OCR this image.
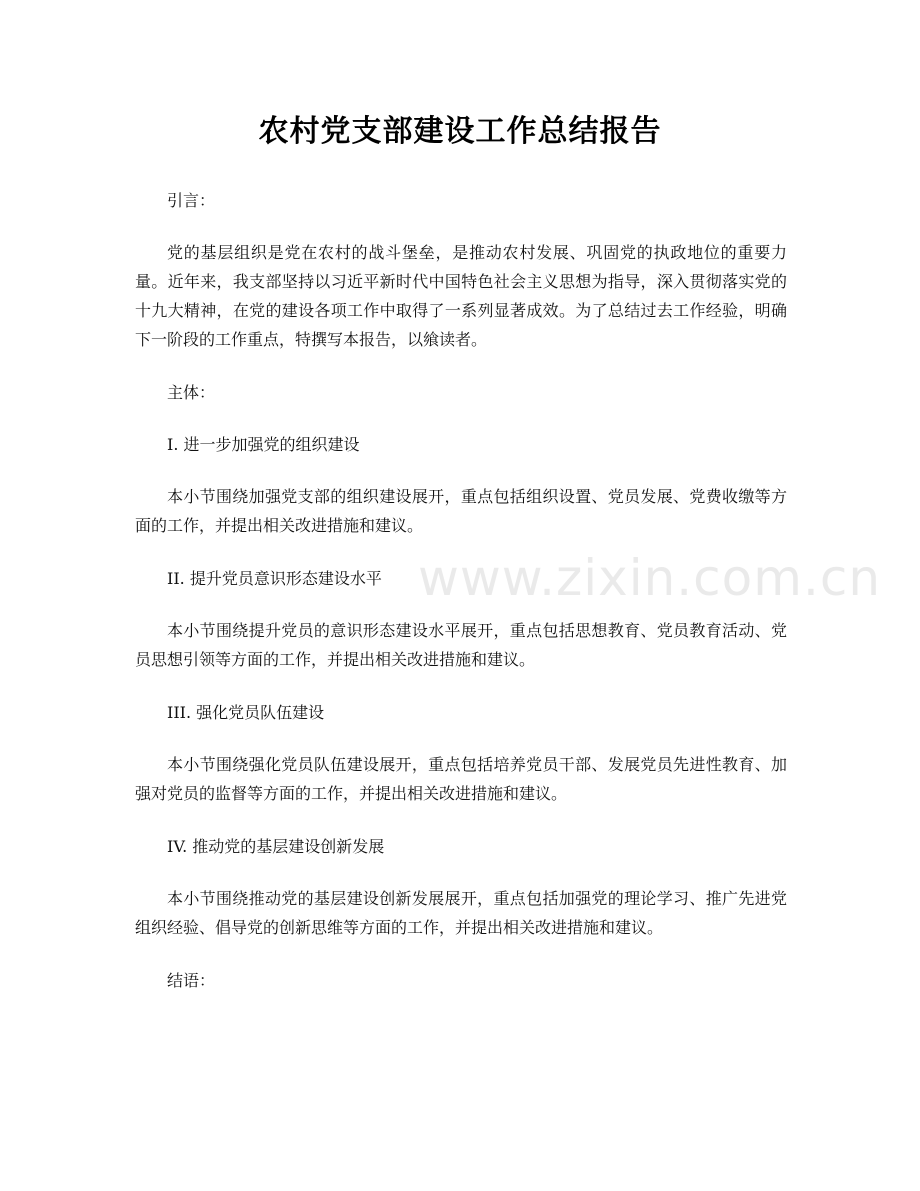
农村党支部建设工作总结报告

引言：

党的基层组织是党在农村的战斗堡垒，是推动农村发展、巩固党的执政地位的重要力量。近年来，我支部坚持以习近平新时代中国特色社会主义思想为指导，深入贯彻落实党的十九大精神，在党的建设各项工作中取得了一系列显著成效。为了总结过去工作经验，明确下一阶段的工作重点，特撰写本报告，以飨读者。

主体：

I. 进一步加强党的组织建设

本小节围绕加强党支部的组织建设展开，重点包括组织设置、党员发展、党费收缴等方面的工作，并提出相关改进措施和建议。

II. 提升党员意识形态建设水平

本小节围绕提升党员的意识形态建设水平展开，重点包括思想教育、党员教育活动、党员思想引领等方面的工作，并提出相关改进措施和建议。

III. 强化党员队伍建设

本小节围绕强化党员队伍建设展开，重点包括培养党员干部、发展党员先进性教育、加强对党员的监督等方面的工作，并提出相关改进措施和建议。

IV. 推动党的基层建设创新发展

本小节围绕推动党的基层建设创新发展展开，重点包括加强党的理论学习、推广先进党组织经验、倡导党的创新思维等方面的工作，并提出相关改进措施和建议。

结语：

www.zixin.com.cn
